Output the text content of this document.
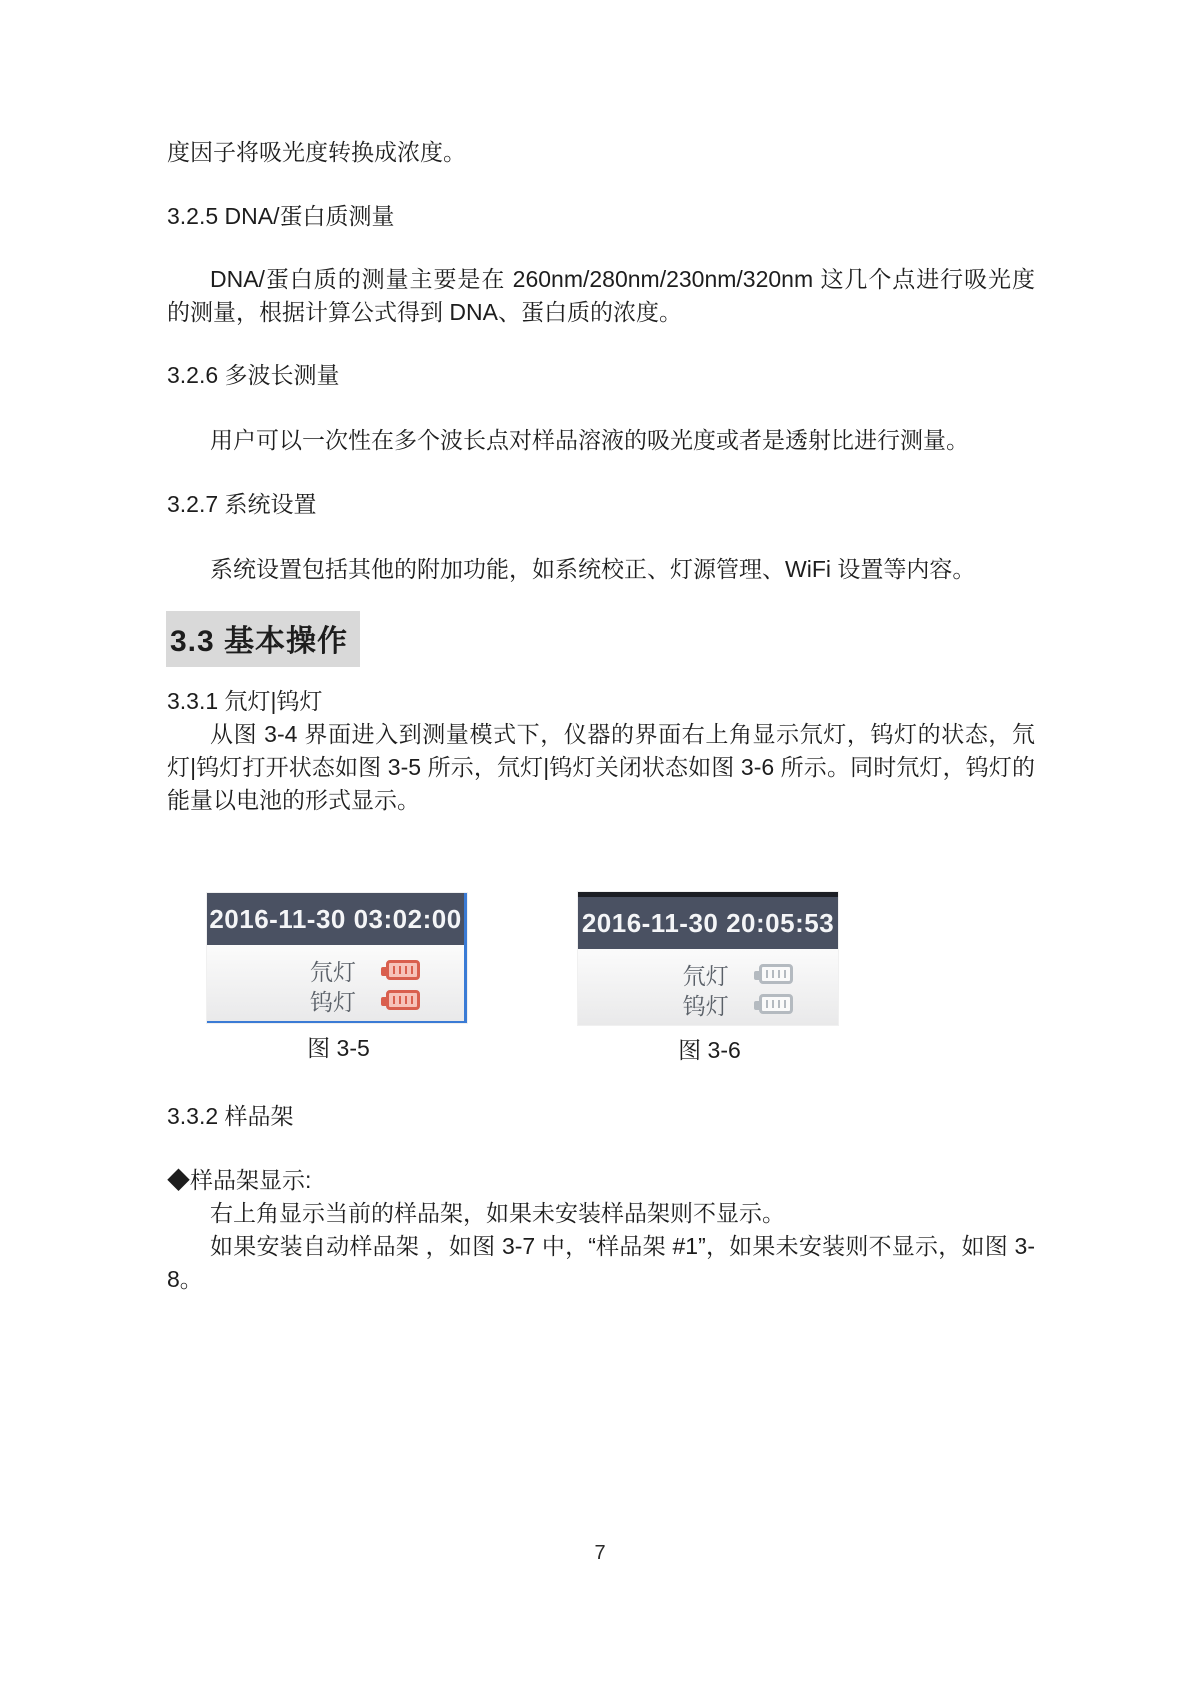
度因子将吸光度转换成浓度。
3.2.5 DNA/蛋白质测量
DNA/蛋白质的测量主要是在 260nm/280nm/230nm/320nm 这几个点进行吸光度的测量，根据计算公式得到 DNA、蛋白质的浓度。
3.2.6 多波长测量
用户可以一次性在多个波长点对样品溶液的吸光度或者是透射比进行测量。
3.2.7 系统设置
系统设置包括其他的附加功能，如系统校正、灯源管理、WiFi 设置等内容。
3.3 基本操作
3.3.1 氘灯|钨灯
从图 3-4 界面进入到测量模式下，仪器的界面右上角显示氘灯，钨灯的状态，氘灯|钨灯打开状态如图 3-5 所示，氘灯|钨灯关闭状态如图 3-6 所示。同时氘灯，钨灯的能量以电池的形式显示。
2016-11-30 03:02:00
氘灯
钨灯
图 3-5
2016-11-30 20:05:53
氘灯
钨灯
图 3-6
3.3.2 样品架
◆样品架显示:
右上角显示当前的样品架，如果未安装样品架则不显示。
如果安装自动样品架 ，如图 3-7 中，“样品架 #1”，如果未安装则不显示，如图 3-8。
7
